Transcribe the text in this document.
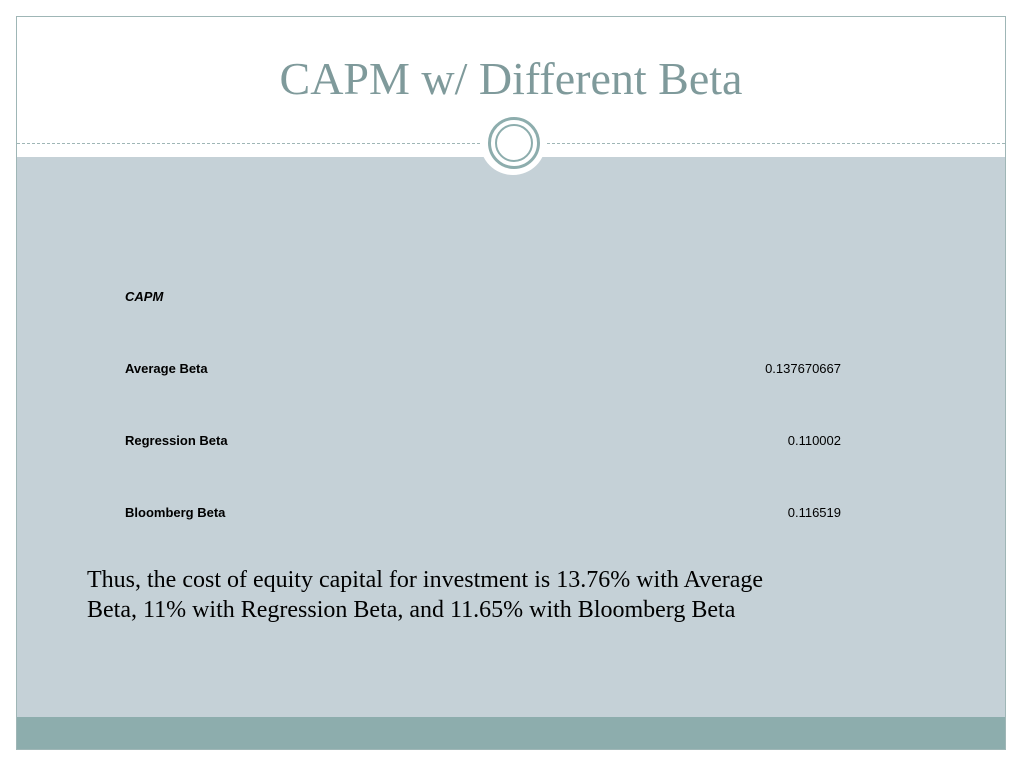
CAPM w/ Different Beta
CAPM
Average Beta	0.137670667
Regression Beta	0.110002
Bloomberg Beta	0.116519
Thus, the cost of equity capital for investment is 13.76% with Average Beta, 11% with Regression Beta, and 11.65% with Bloomberg Beta
